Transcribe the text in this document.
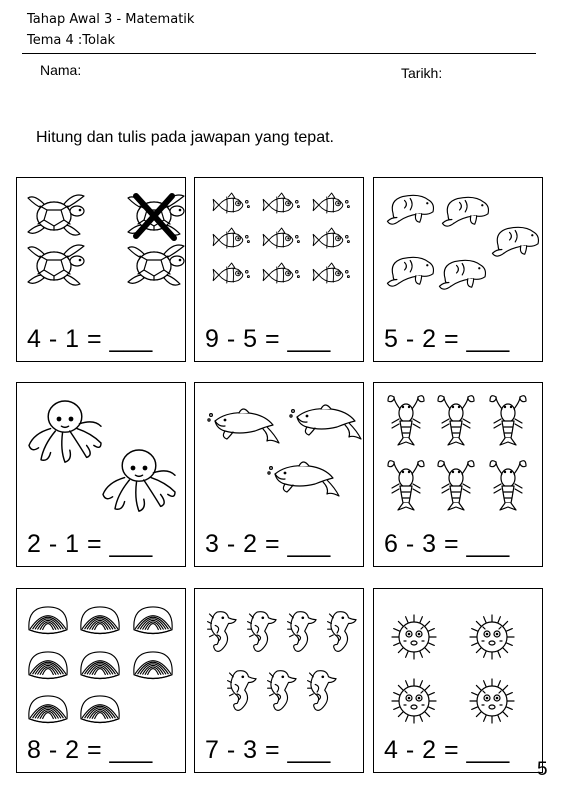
Tahap Awal 3 - Matematik
Tema 4 :Tolak
Nama:	Tarikh:
Hitung dan tulis pada jawapan yang tepat.
4 - 1 = ___ 9 - 5 = ___ 5 - 2 = ___
2 - 1 = ___ 3 - 2 = ___ 6 - 3 = ___
8 - 2 = ___ 7 - 3 = ___ 4 - 2 = ___
5
